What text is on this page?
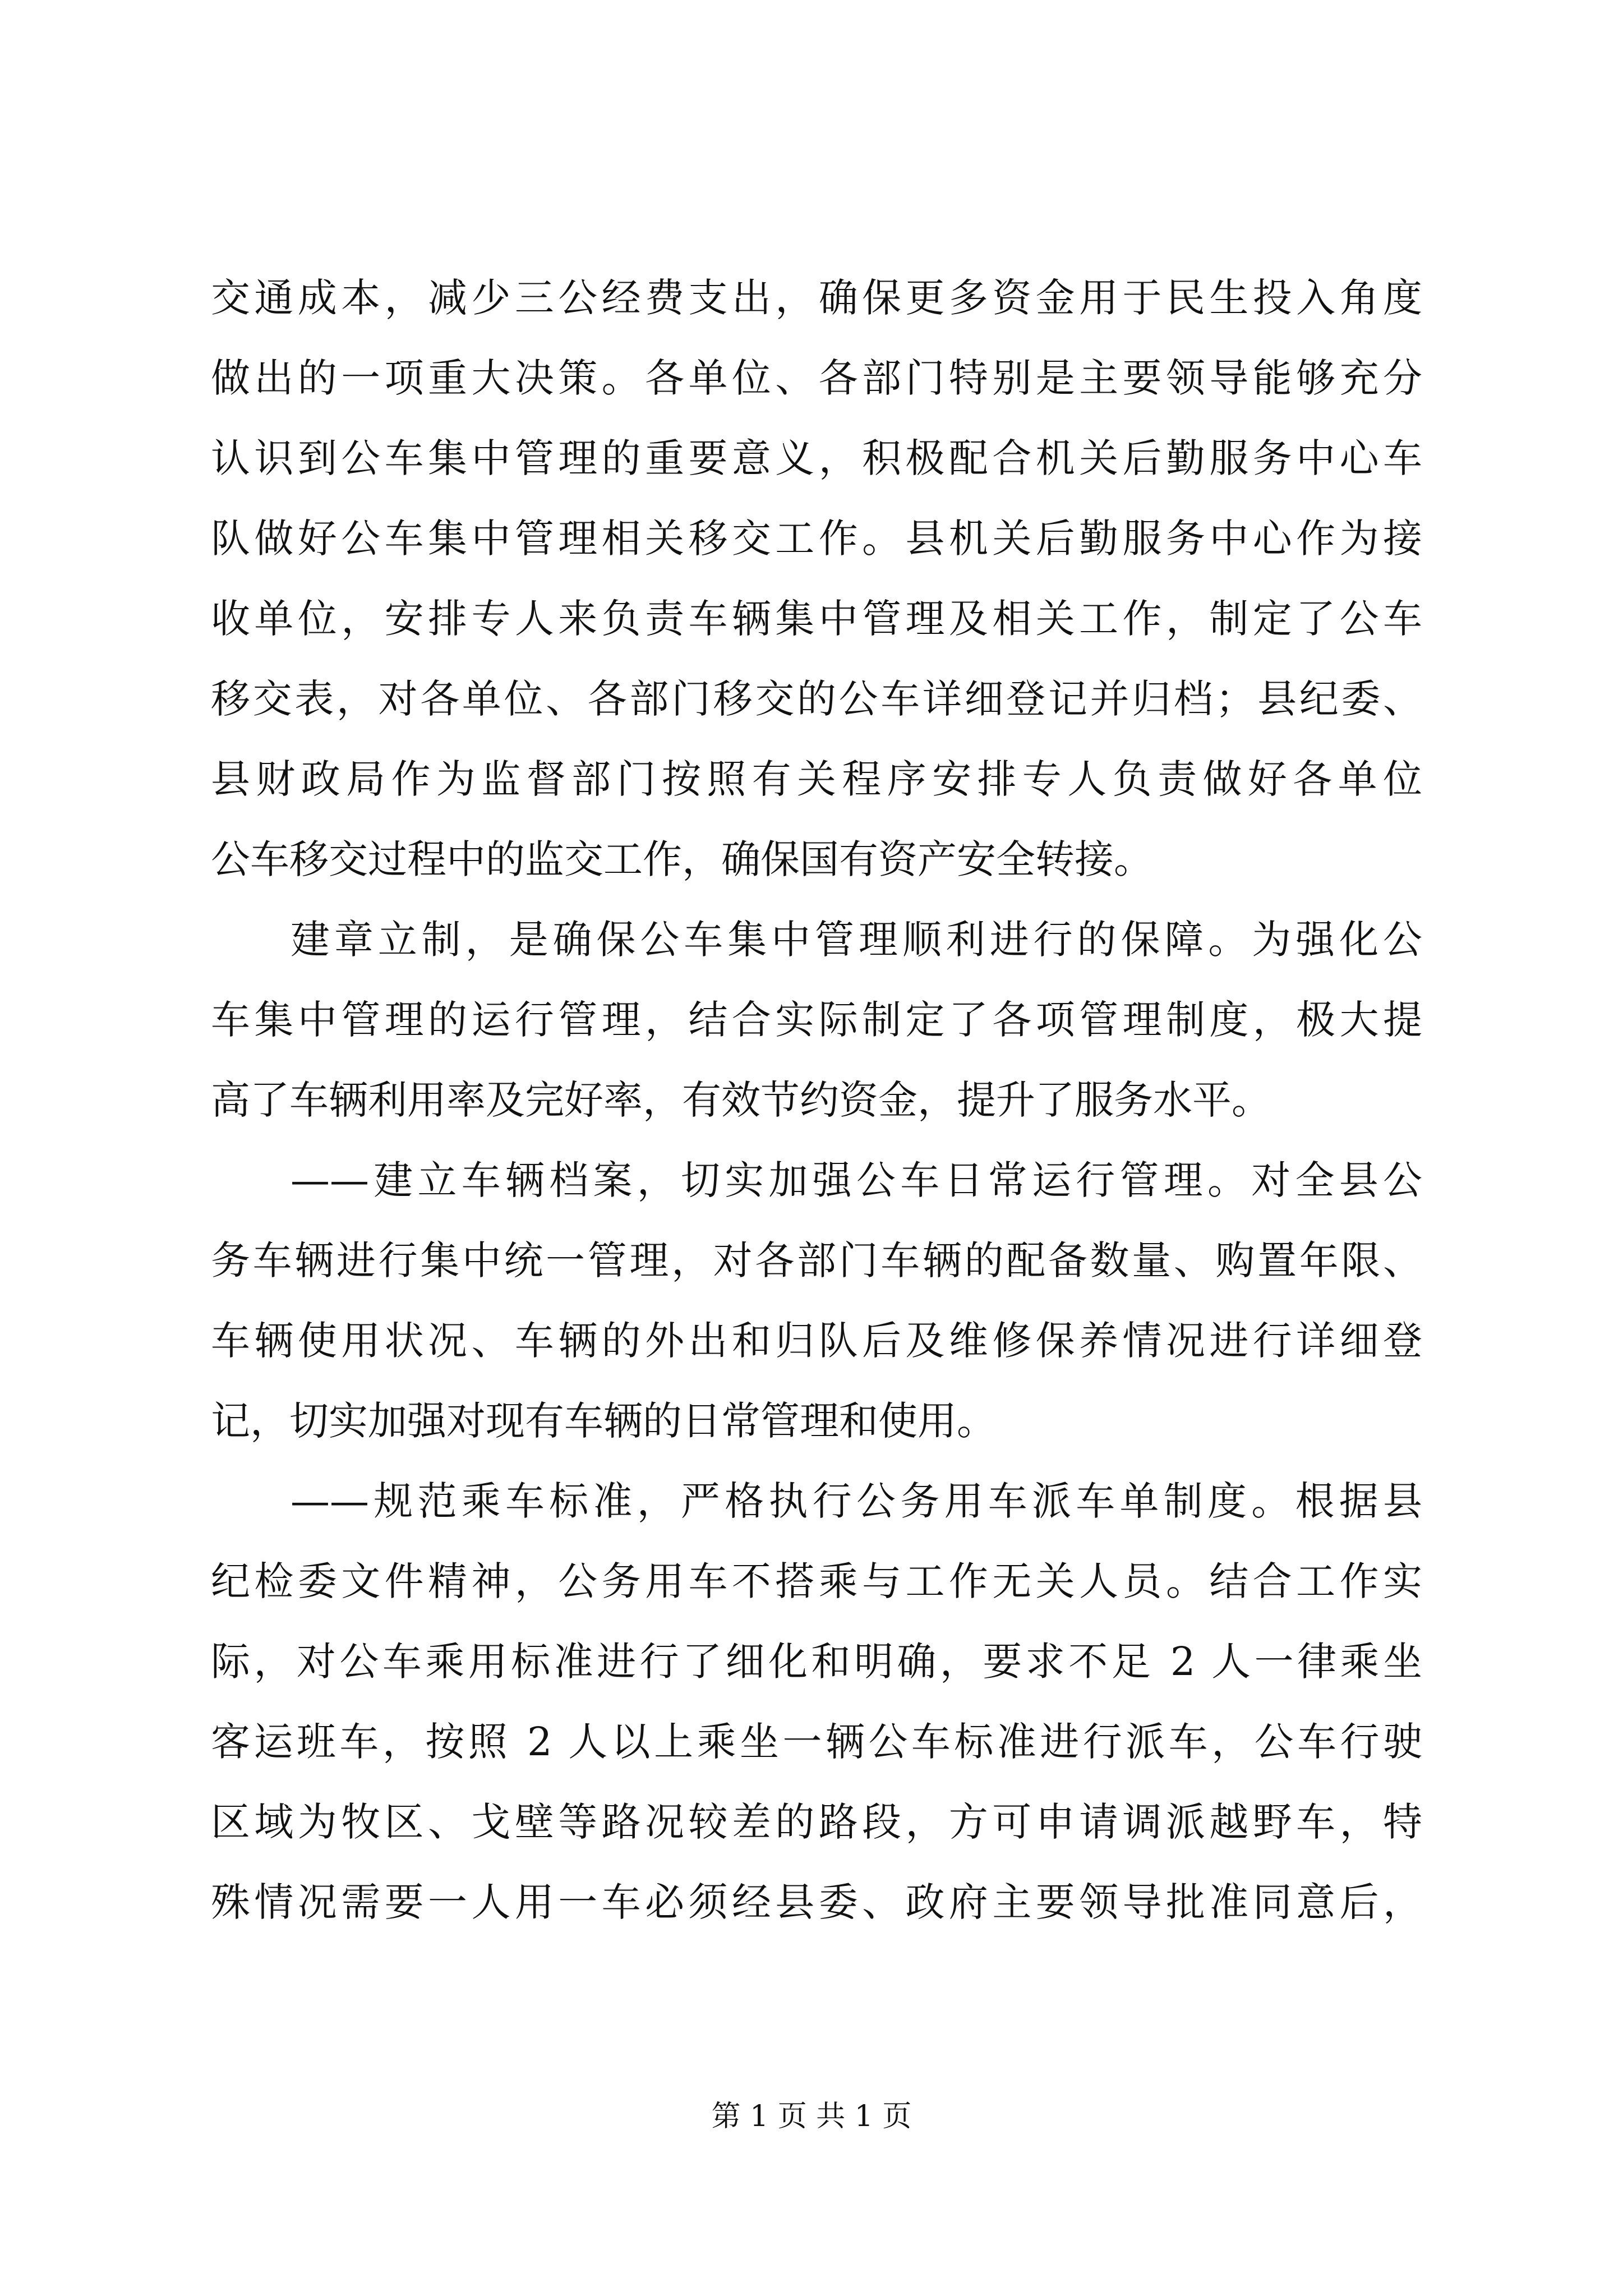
交通成本，减少三公经费支出，确保更多资金用于民生投入角度
做出的一项重大决策。各单位、各部门特别是主要领导能够充分
认识到公车集中管理的重要意义，积极配合机关后勤服务中心车
队做好公车集中管理相关移交工作。县机关后勤服务中心作为接
收单位，安排专人来负责车辆集中管理及相关工作，制定了公车
移交表，对各单位、各部门移交的公车详细登记并归档；县纪委、
县财政局作为监督部门按照有关程序安排专人负责做好各单位
公车移交过程中的监交工作，确保国有资产安全转接。
建章立制，是确保公车集中管理顺利进行的保障。为强化公
车集中管理的运行管理，结合实际制定了各项管理制度，极大提
高了车辆利用率及完好率，有效节约资金，提升了服务水平。
——建立车辆档案，切实加强公车日常运行管理。对全县公
务车辆进行集中统一管理，对各部门车辆的配备数量、购置年限、
车辆使用状况、车辆的外出和归队后及维修保养情况进行详细登
记，切实加强对现有车辆的日常管理和使用。
——规范乘车标准，严格执行公务用车派车单制度。根据县
纪检委文件精神，公务用车不搭乘与工作无关人员。结合工作实
际，对公车乘用标准进行了细化和明确，要求不足 2 人一律乘坐
客运班车，按照 2 人以上乘坐一辆公车标准进行派车，公车行驶
区域为牧区、戈壁等路况较差的路段，方可申请调派越野车，特
殊情况需要一人用一车必须经县委、政府主要领导批准同意后，
第 1 页 共 1 页
